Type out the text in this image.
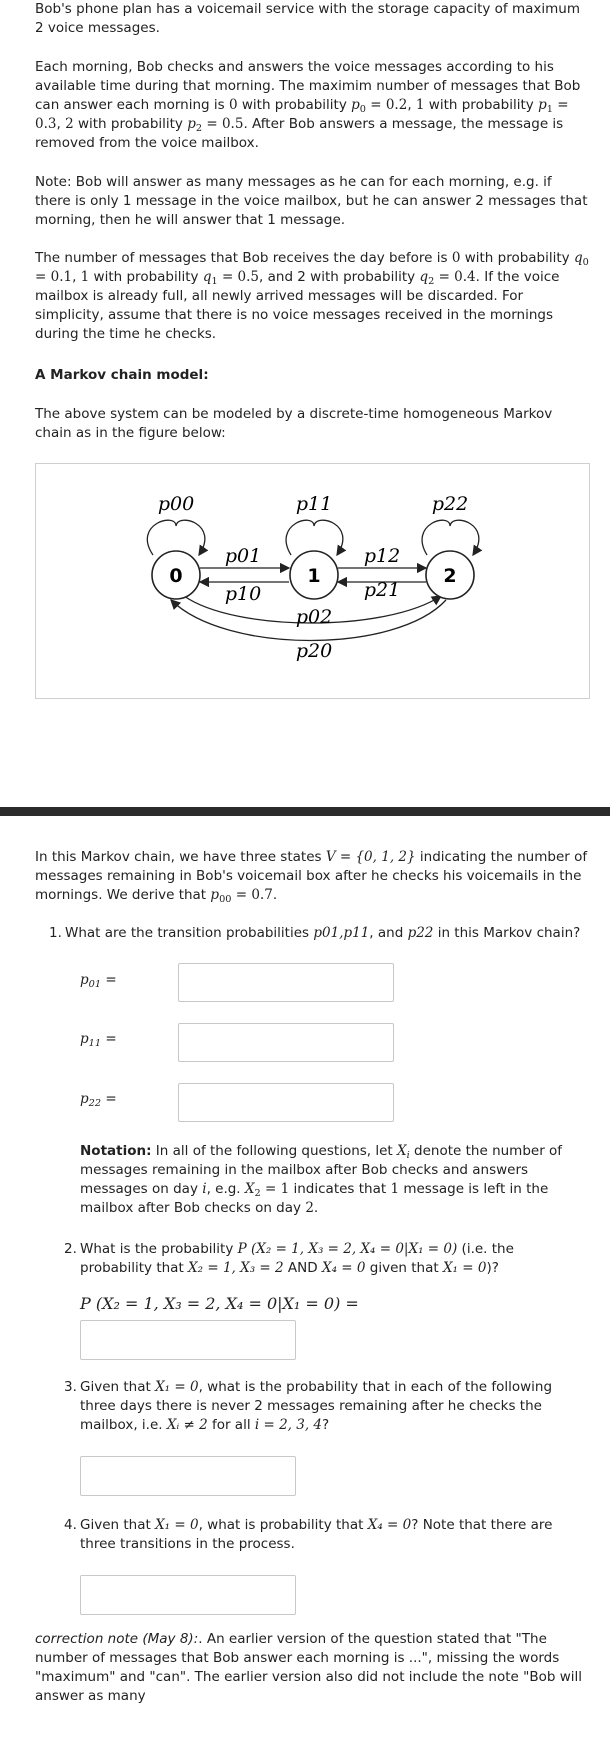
Bob's phone plan has a voicemail service with the storage capacity of maximum 2 voice messages.

Each morning, Bob checks and answers the voice messages according to his available time during that morning. The maximim number of messages that Bob can answer each morning is 0 with probability $p_0 = 0.2$, 1 with probability $p_1 = 0.3$, 2 with probability $p_2 = 0.5$. After Bob answers a message, the message is removed from the voice mailbox.

Note: Bob will answer as many messages as he can for each morning, e.g. if there is only 1 message in the voice mailbox, but he can answer 2 messages that morning, then he will answer that 1 message.

The number of messages that Bob receives the day before is 0 with probability $q_0 = 0.1$, 1 with probability $q_1 = 0.5$, and 2 with probability $q_2 = 0.4$. If the voice mailbox is already full, all newly arrived messages will be discarded. For simplicity, assume that there is no voice messages received in the mornings during the time he checks.

A Markov chain model:

The above system can be modeled by a discrete-time homogeneous Markov chain as in the figure below:

0	1	2
p00	p11	p22
p01
p10
p12
p21
p02
p20

In this Markov chain, we have three states V = {0, 1, 2} indicating the number of messages remaining in Bob's voicemail box after he checks his voicemails in the mornings. We derive that $p_{00} = 0.7$.

1. What are the transition probabilities p01,p11, and p22 in this Markov chain?

$p_{01}$ =
$p_{11}$ =
$p_{22}$ =

Notation: In all of the following questions, let $X_i$ denote the number of messages remaining in the mailbox after Bob checks and answers messages on day i, e.g. $X_2 = 1$ indicates that 1 message is left in the mailbox after Bob checks on day 2.

2. What is the probability P (X₂ = 1, X₃ = 2, X₄ = 0|X₁ = 0) (i.e. the probability that X₂ = 1, X₃ = 2 AND X₄ = 0 given that X₁ = 0)?

P (X₂ = 1, X₃ = 2, X₄ = 0|X₁ = 0) =

3. Given that X₁ = 0, what is the probability that in each of the following three days there is never 2 messages remaining after he checks the mailbox, i.e. Xᵢ ≠ 2 for all i = 2, 3, 4?

4. Given that X₁ = 0, what is probability that X₄ = 0? Note that there are three transitions in the process.

correction note (May 8):. An earlier version of the question stated that "The number of messages that Bob answer each morning is ...", missing the words "maximum" and "can". The earlier version also did not include the note "Bob will answer as many
